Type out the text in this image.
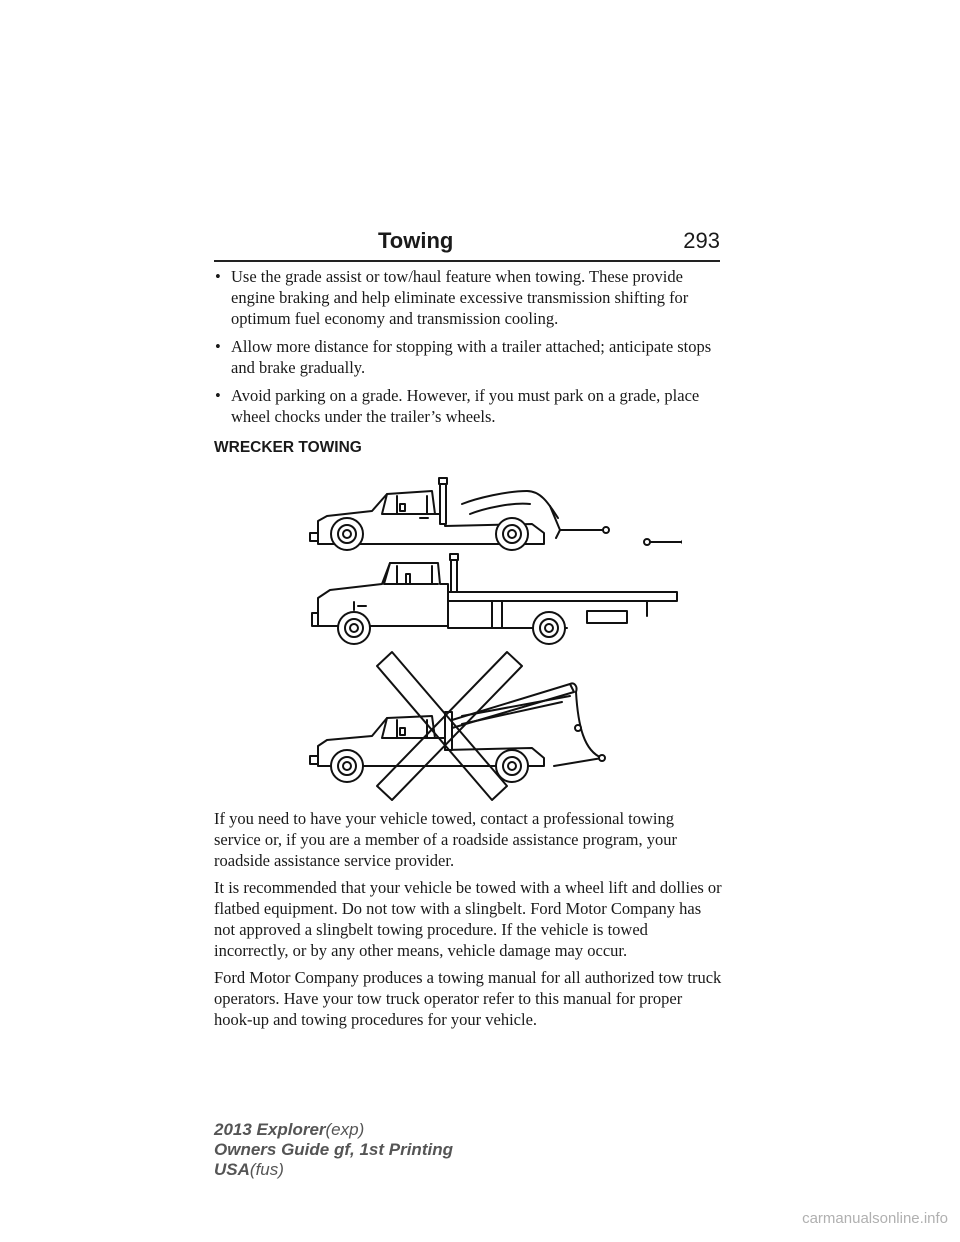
Towing	293

• Use the grade assist or tow/haul feature when towing. These provide engine braking and help eliminate excessive transmission shifting for optimum fuel economy and transmission cooling.

• Allow more distance for stopping with a trailer attached; anticipate stops and brake gradually.

• Avoid parking on a grade. However, if you must park on a grade, place wheel chocks under the trailer’s wheels.

WRECKER TOWING

If you need to have your vehicle towed, contact a professional towing service or, if you are a member of a roadside assistance program, your roadside assistance service provider.

It is recommended that your vehicle be towed with a wheel lift and dollies or flatbed equipment. Do not tow with a slingbelt. Ford Motor Company has not approved a slingbelt towing procedure. If the vehicle is towed incorrectly, or by any other means, vehicle damage may occur.

Ford Motor Company produces a towing manual for all authorized tow truck operators. Have your tow truck operator refer to this manual for proper hook-up and towing procedures for your vehicle.

2013 Explorer(exp)
Owners Guide gf, 1st Printing
USA(fus)
carmanualsonline.info
